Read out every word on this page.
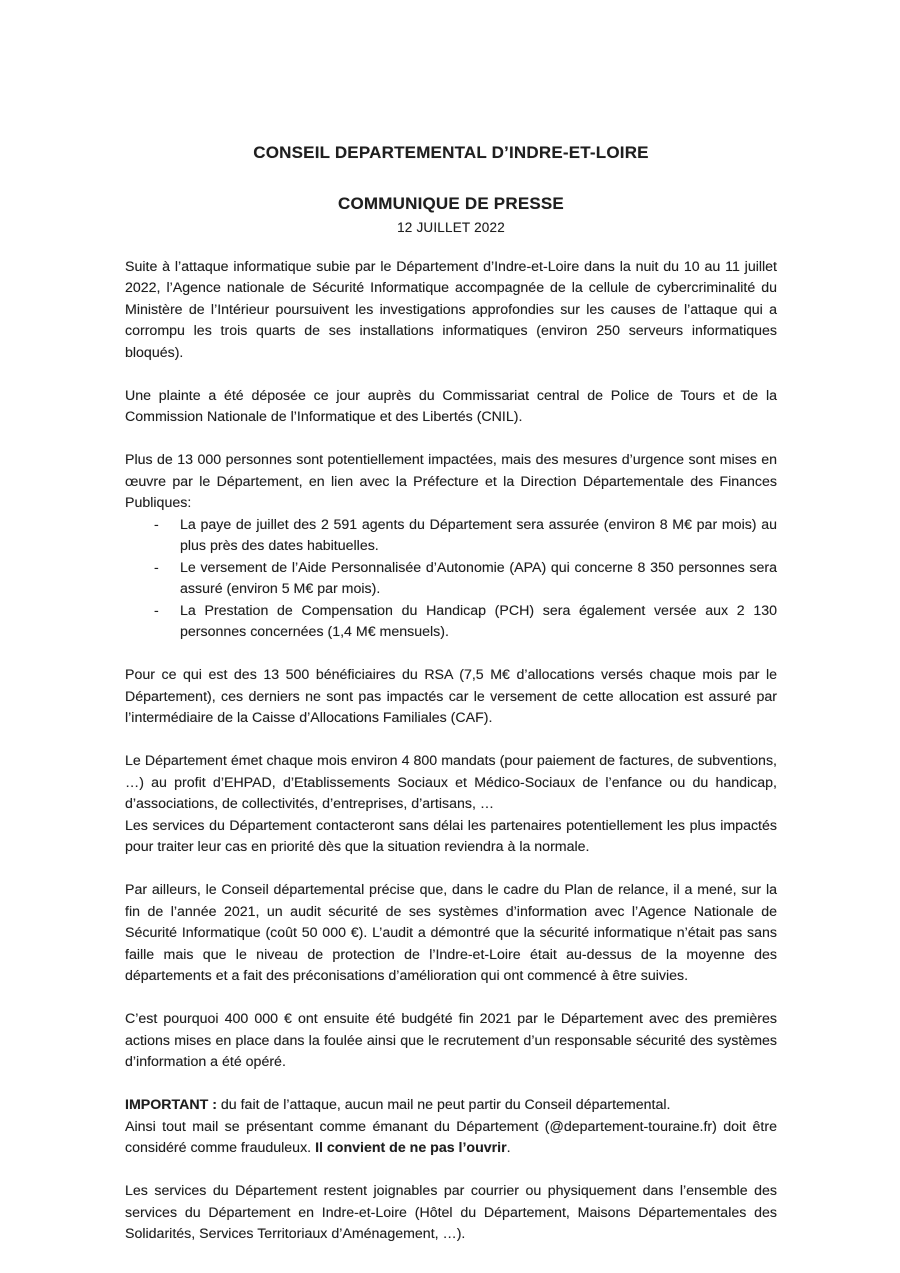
CONSEIL DEPARTEMENTAL D’INDRE-ET-LOIRE
COMMUNIQUE DE PRESSE
12 JUILLET 2022
Suite à l’attaque informatique subie par le Département d’Indre-et-Loire dans la nuit du 10 au 11 juillet 2022, l’Agence nationale de Sécurité Informatique accompagnée de la cellule de cybercriminalité du Ministère de l’Intérieur poursuivent les investigations approfondies sur les causes de l’attaque qui a corrompu les trois quarts de ses installations informatiques (environ 250 serveurs informatiques bloqués).
Une plainte a été déposée ce jour auprès du Commissariat central de Police de Tours et de la Commission Nationale de l’Informatique et des Libertés (CNIL).
Plus de 13 000 personnes sont potentiellement impactées, mais des mesures d’urgence sont mises en œuvre par le Département, en lien avec la Préfecture et la Direction Départementale des Finances Publiques:
- La paye de juillet des 2 591 agents du Département sera assurée (environ 8 M€ par mois) au plus près des dates habituelles.
- Le versement de l’Aide Personnalisée d’Autonomie (APA) qui concerne 8 350 personnes sera assuré (environ 5 M€ par mois).
- La Prestation de Compensation du Handicap (PCH) sera également versée aux 2 130 personnes concernées (1,4 M€ mensuels).
Pour ce qui est des 13 500 bénéficiaires du RSA (7,5 M€ d’allocations versés chaque mois par le Département), ces derniers ne sont pas impactés car le versement de cette allocation est assuré par l’intermédiaire de la Caisse d’Allocations Familiales (CAF).
Le Département émet chaque mois environ 4 800 mandats (pour paiement de factures, de subventions, …) au profit d’EHPAD, d’Etablissements Sociaux et Médico-Sociaux de l’enfance ou du handicap, d’associations, de collectivités, d’entreprises, d’artisans, …
Les services du Département contacteront sans délai les partenaires potentiellement les plus impactés pour traiter leur cas en priorité dès que la situation reviendra à la normale.
Par ailleurs, le Conseil départemental précise que, dans le cadre du Plan de relance, il a mené, sur la fin de l’année 2021, un audit sécurité de ses systèmes d’information avec l’Agence Nationale de Sécurité Informatique (coût 50 000 €). L’audit a démontré que la sécurité informatique n’était pas sans faille mais que le niveau de protection de l’Indre-et-Loire était au-dessus de la moyenne des départements et a fait des préconisations d’amélioration qui ont commencé à être suivies.
C’est pourquoi 400 000 € ont ensuite été budgété fin 2021 par le Département avec des premières actions mises en place dans la foulée ainsi que le recrutement d’un responsable sécurité des systèmes d’information a été opéré.
IMPORTANT : du fait de l’attaque, aucun mail ne peut partir du Conseil départemental.
Ainsi tout mail se présentant comme émanant du Département (@departement-touraine.fr) doit être considéré comme frauduleux. Il convient de ne pas l’ouvrir.
Les services du Département restent joignables par courrier ou physiquement dans l’ensemble des services du Département en Indre-et-Loire (Hôtel du Département, Maisons Départementales des Solidarités, Services Territoriaux d’Aménagement, …).
